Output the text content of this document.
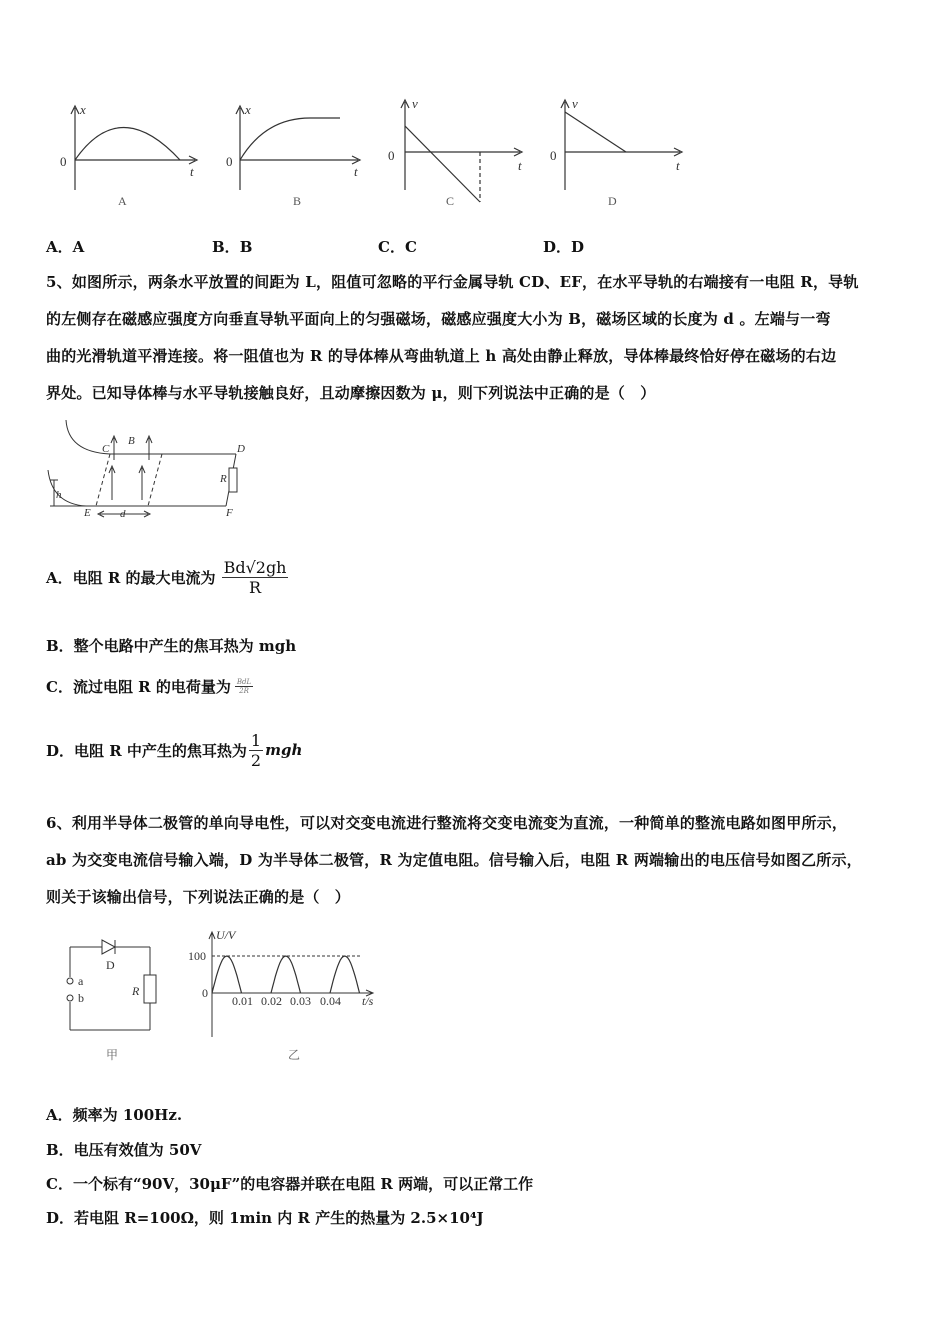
x
0
t
x
0
t
v
0
t
v
0
t
A	B	C	D
A．A	B．B	C．C	D．D
5、如图所示，两条水平放置的间距为 L，阻值可忽略的平行金属导轨 CD、EF，在水平导轨的右端接有一电阻 R，导轨
的左侧存在磁感应强度方向垂直导轨平面向上的匀强磁场，磁感应强度大小为 B，磁场区域的长度为 d 。左端与一弯
曲的光滑轨道平滑连接。将一阻值也为 R 的导体棒从弯曲轨道上 h 高处由静止释放，导体棒最终恰好停在磁场的右边
界处。已知导体棒与水平导轨接触良好，且动摩擦因数为 μ，则下列说法中正确的是（　）
C
B
D
R
h
E	d	F
A．电阻 R 的最大电流为 $\frac{Bd√2gh}{R}$
B．整个电路中产生的焦耳热为 mgh
C．流过电阻 R 的电荷量为 $\frac{\text{BdL}}{2R}$
D．电阻 R 中产生的焦耳热为 $\frac{1}{2}$ mgh
6、利用半导体二极管的单向导电性，可以对交变电流进行整流将交变电流变为直流，一种简单的整流电路如图甲所示，
ab 为交变电流信号输入端，D 为半导体二极管，R 为定值电阻。信号输入后，电阻 R 两端输出的电压信号如图乙所示，
则关于该输出信号，下列说法正确的是（　）
D
a
b	R
甲
U/V
100
0
0.01 0.02 0.03 0.04 t/s
乙
A．频率为 100Hz.
B．电压有效值为 50V
C．一个标有“90V，30μF”的电容器并联在电阻 R 两端，可以正常工作
D．若电阻 R=100Ω，则 1min 内 R 产生的热量为 2.5×10⁴J
